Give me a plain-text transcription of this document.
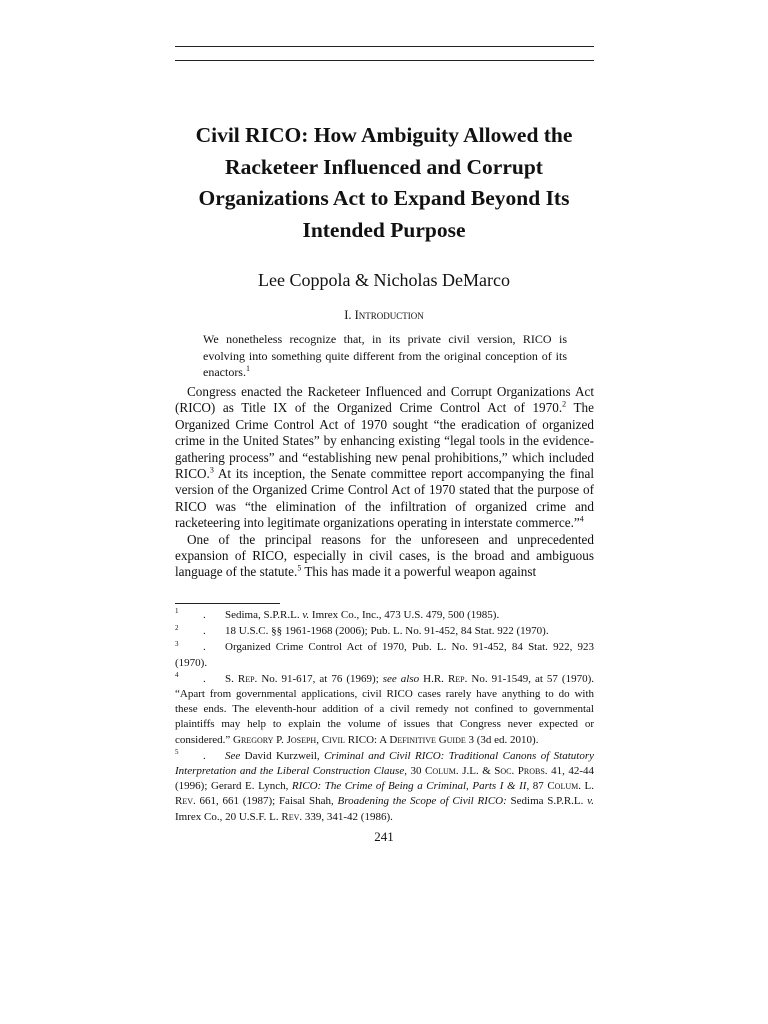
Civil RICO: How Ambiguity Allowed the Racketeer Influenced and Corrupt Organizations Act to Expand Beyond Its Intended Purpose
Lee Coppola & Nicholas DeMarco
I. Introduction
We nonetheless recognize that, in its private civil version, RICO is evolving into something quite different from the original conception of its enactors.$^1$

Congress enacted the Racketeer Influenced and Corrupt Organizations Act (RICO) as Title IX of the Organized Crime Control Act of 1970.$^2$ The Organized Crime Control Act of 1970 sought “the eradication of organized crime in the United States” by enhancing existing “legal tools in the evidence-gathering process” and “establishing new penal prohibitions,” which included RICO.$^3$ At its inception, the Senate committee report accompanying the final version of the Organized Crime Control Act of 1970 stated that the purpose of RICO was “the elimination of the infiltration of organized crime and racketeering into legitimate organizations operating in interstate commerce.”$^4$

One of the principal reasons for the unforeseen and unprecedented expansion of RICO, especially in civil cases, is the broad and ambiguous language of the statute.$^5$ This has made it a powerful weapon against

1 . Sedima, S.P.R.L. v. Imrex Co., Inc., 473 U.S. 479, 500 (1985).
2 . 18 U.S.C. §§ 1961-1968 (2006); Pub. L. No. 91-452, 84 Stat. 922 (1970).
3 . Organized Crime Control Act of 1970, Pub. L. No. 91-452, 84 Stat. 922, 923 (1970).
4 . S. Rep. No. 91-617, at 76 (1969); see also H.R. Rep. No. 91-1549, at 57 (1970). “Apart from governmental applications, civil RICO cases rarely have anything to do with these ends. The eleventh-hour addition of a civil remedy not confined to governmental plaintiffs may help to explain the volume of issues that Congress never expected or considered.” Gregory P. Joseph, Civil RICO: A Definitive Guide 3 (3d ed. 2010).
5 . See David Kurzweil, Criminal and Civil RICO: Traditional Canons of Statutory Interpretation and the Liberal Construction Clause, 30 Colum. J.L. & Soc. Probs. 41, 42-44 (1996); Gerard E. Lynch, RICO: The Crime of Being a Criminal, Parts I & II, 87 Colum. L. Rev. 661, 661 (1987); Faisal Shah, Broadening the Scope of Civil RICO: Sedima S.P.R.L. v. Imrex Co., 20 U.S.F. L. Rev. 339, 341-42 (1986).
241
